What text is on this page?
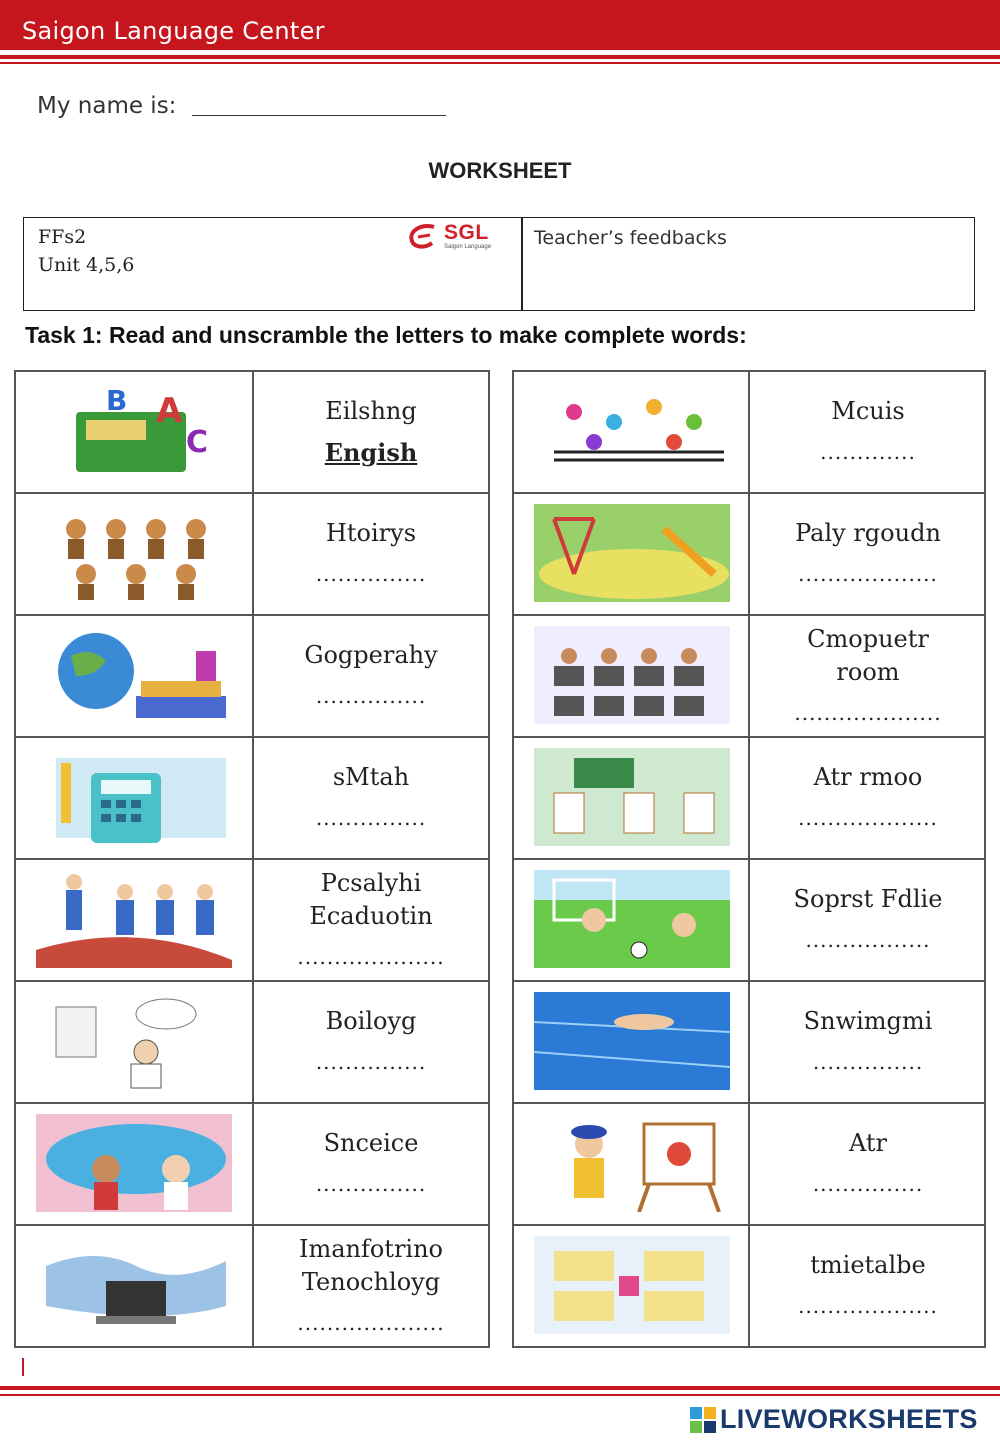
Saigon Language Center
My name is:
WORKSHEET
FFs2
Unit 4,5,6
SGL
Saigon Language Teacher’s feedbacks
Task 1: Read and unscramble the letters to make complete words:
A
C
B	Eilshng
Engish
Htoirys
...............
Gogperahy
...............
sMtah
...............
Pcsalyhi
Ecaduotin
....................
Boiloyg
...............
Snceice
...............
Imanfotrino
Tenochloyg
....................
Mcuis
.............
Paly rgoudn
...................
Cmopuetr
room
....................
Atr rmoo
...................
Soprst Fdlie
.................
Snwimgmi
...............
Atr
...............
tmietalbe
...................
LIVEWORKSHEETS
